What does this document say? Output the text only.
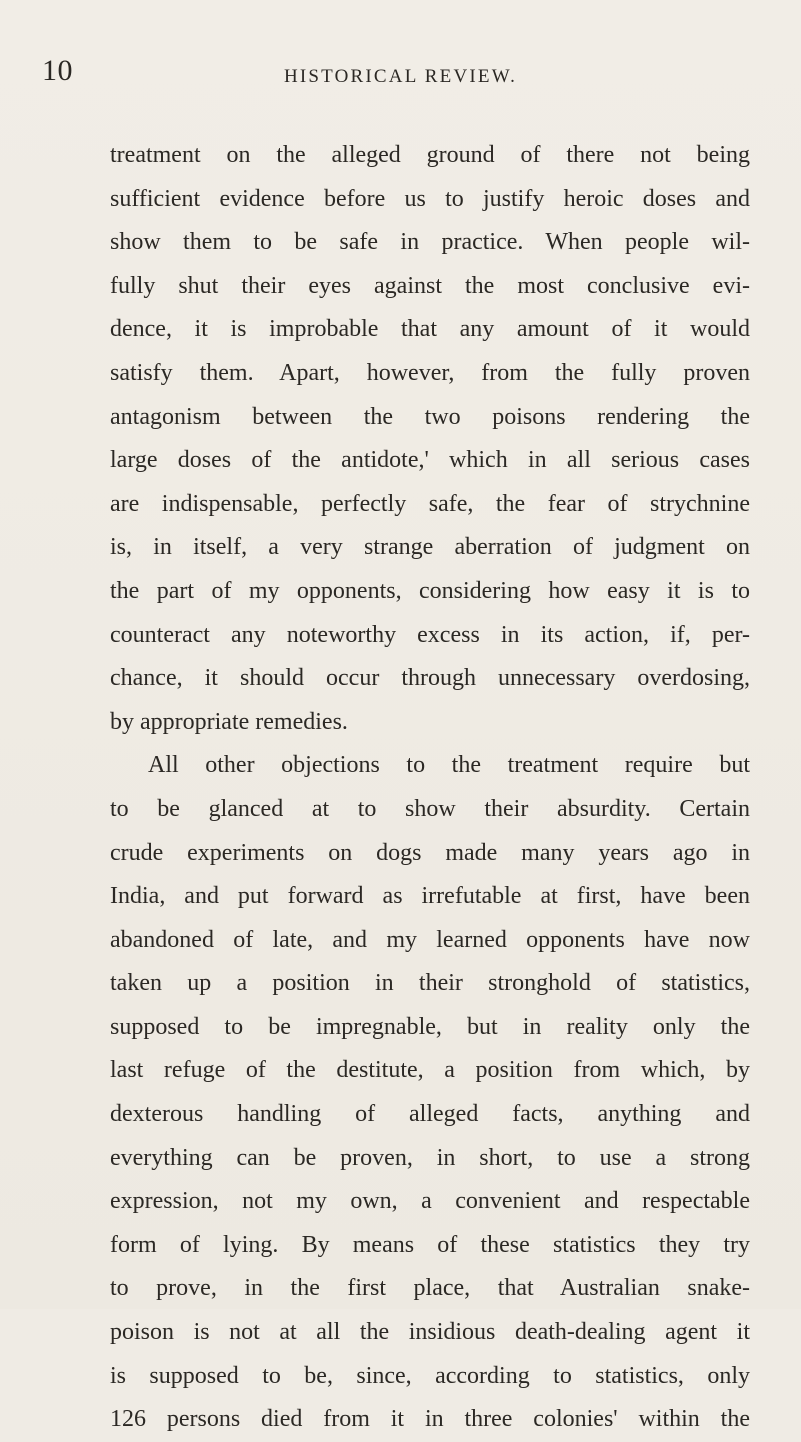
10	HISTORICAL REVIEW.
treatment on the alleged ground of there not being
sufficient evidence before us to justify heroic doses and
show them to be safe in practice. When people wil-
fully shut their eyes against the most conclusive evi-
dence, it is improbable that any amount of it would
satisfy them. Apart, however, from the fully proven
antagonism between the two poisons rendering the
large doses of the antidote,' which in all serious cases
are indispensable, perfectly safe, the fear of strychnine
is, in itself, a very strange aberration of judgment on
the part of my opponents, considering how easy it is to
counteract any noteworthy excess in its action, if, per-
chance, it should occur through unnecessary overdosing,
by appropriate remedies.
All other objections to the treatment require but
to be glanced at to show their absurdity. Certain
crude experiments on dogs made many years ago in
India, and put forward as irrefutable at first, have been
abandoned of late, and my learned opponents have now
taken up a position in their stronghold of statistics,
supposed to be impregnable, but in reality only the
last refuge of the destitute, a position from which, by
dexterous handling of alleged facts, anything and
everything can be proven, in short, to use a strong
expression, not my own, a convenient and respectable
form of lying. By means of these statistics they try
to prove, in the first place, that Australian snake-
poison is not at all the insidious death-dealing agent it
is supposed to be, since, according to statistics, only
126 persons died from it in three colonies' within the
